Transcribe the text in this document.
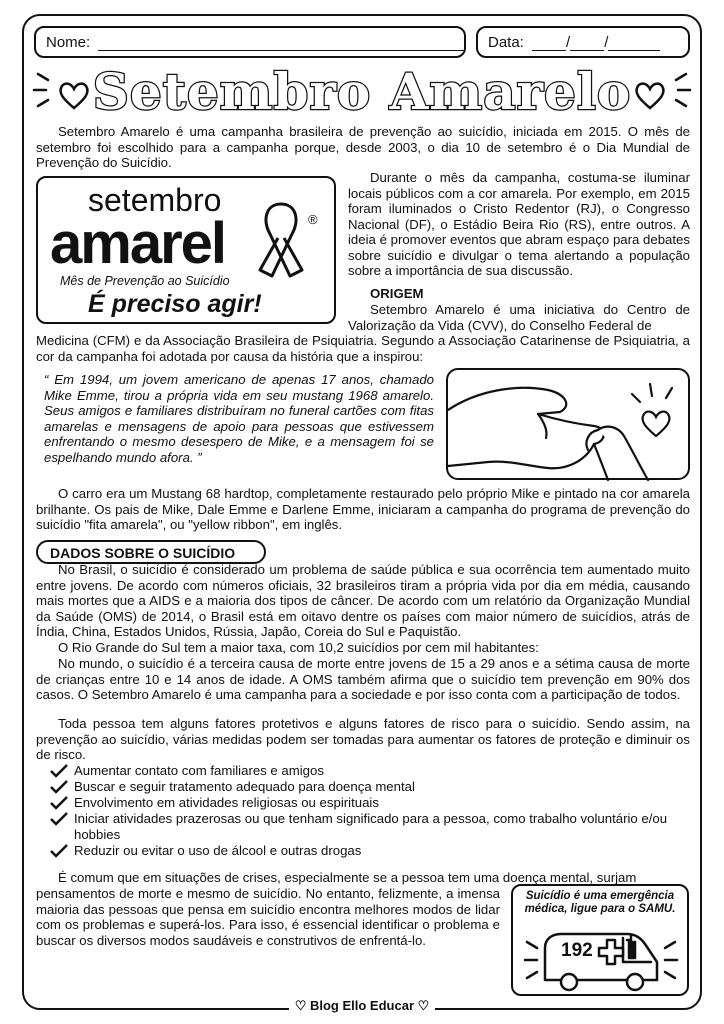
Nome:	Data:	/ /
Setembro Amarelo

Setembro Amarelo é uma campanha brasileira de prevenção ao suicídio, iniciada em 2015. O mês de setembro foi escolhido para a campanha porque, desde 2003, o dia 10 de setembro é o Dia Mundial de Prevenção do Suicídio.

setembro
amarel	®
Mês de Prevenção ao Suicídio
É preciso agir!

Durante o mês da campanha, costuma-se iluminar locais públicos com a cor amarela. Por exemplo, em 2015 foram iluminados o Cristo Redentor (RJ), o Congresso Nacional (DF), o Estádio Beira Rio (RS), entre outros. A ideia é promover eventos que abram espaço para debates sobre suicídio e divulgar o tema alertando a população sobre a importância de sua discussão.

ORIGEM

Setembro Amarelo é uma iniciativa do Centro de Valorização da Vida (CVV), do Conselho Federal de

Medicina (CFM) e da Associação Brasileira de Psiquiatria. Segundo a Associação Catarinense de Psiquiatria, a cor da campanha foi adotada por causa da história que a inspirou:

“ Em 1994, um jovem americano de apenas 17 anos, chamado Mike Emme, tirou a própria vida em seu mustang 1968 amarelo. Seus amigos e familiares distribuíram no funeral cartões com fitas amarelas e mensagens de apoio para pessoas que estivessem enfrentando o mesmo desespero de Mike, e a mensagem foi se espelhando mundo afora. ”

O carro era um Mustang 68 hardtop, completamente restaurado pelo próprio Mike e pintado na cor amarela brilhante. Os pais de Mike, Dale Emme e Darlene Emme, iniciaram a campanha do programa de prevenção do suicídio "fita amarela", ou "yellow ribbon", em inglês.

DADOS SOBRE O SUICÍDIO

No Brasil, o suicídio é considerado um problema de saúde pública e sua ocorrência tem aumentado muito entre jovens. De acordo com números oficiais, 32 brasileiros tiram a própria vida por dia em média, causando mais mortes que a AIDS e a maioria dos tipos de câncer. De acordo com um relatório da Organização Mundial da Saúde (OMS) de 2014, o Brasil está em oitavo dentre os países com maior número de suicídios, atrás de Índia, China, Estados Unidos, Rússia, Japão, Coreia do Sul e Paquistão.

O Rio Grande do Sul tem a maior taxa, com 10,2 suicídios por cem mil habitantes:

No mundo, o suicídio é a terceira causa de morte entre jovens de 15 a 29 anos e a sétima causa de morte de crianças entre 10 e 14 anos de idade. A OMS também afirma que o suicídio tem prevenção em 90% dos casos. O Setembro Amarelo é uma campanha para a sociedade e por isso conta com a participação de todos.

Toda pessoa tem alguns fatores protetivos e alguns fatores de risco para o suicídio. Sendo assim, na prevenção ao suicídio, várias medidas podem ser tomadas para aumentar os fatores de proteção e diminuir os de risco.

Aumentar contato com familiares e amigos
Buscar e seguir tratamento adequado para doença mental
Envolvimento em atividades religiosas ou espirituais
Iniciar atividades prazerosas ou que tenham significado para a pessoa, como trabalho voluntário e/ou hobbies
Reduzir ou evitar o uso de álcool e outras drogas

É comum que em situações de crises, especialmente se a pessoa tem uma doença mental, surjam

pensamentos de morte e mesmo de suicídio. No entanto, felizmente, a imensa maioria das pessoas que pensa em suicídio encontra melhores modos de lidar com os problemas e superá-los. Para isso, é essencial identificar o problema e buscar os diversos modos saudáveis e construtivos de enfrentá-lo.

Suicídio é uma emergência médica, ligue para o SAMU.
192
♡ Blog Ello Educar ♡
